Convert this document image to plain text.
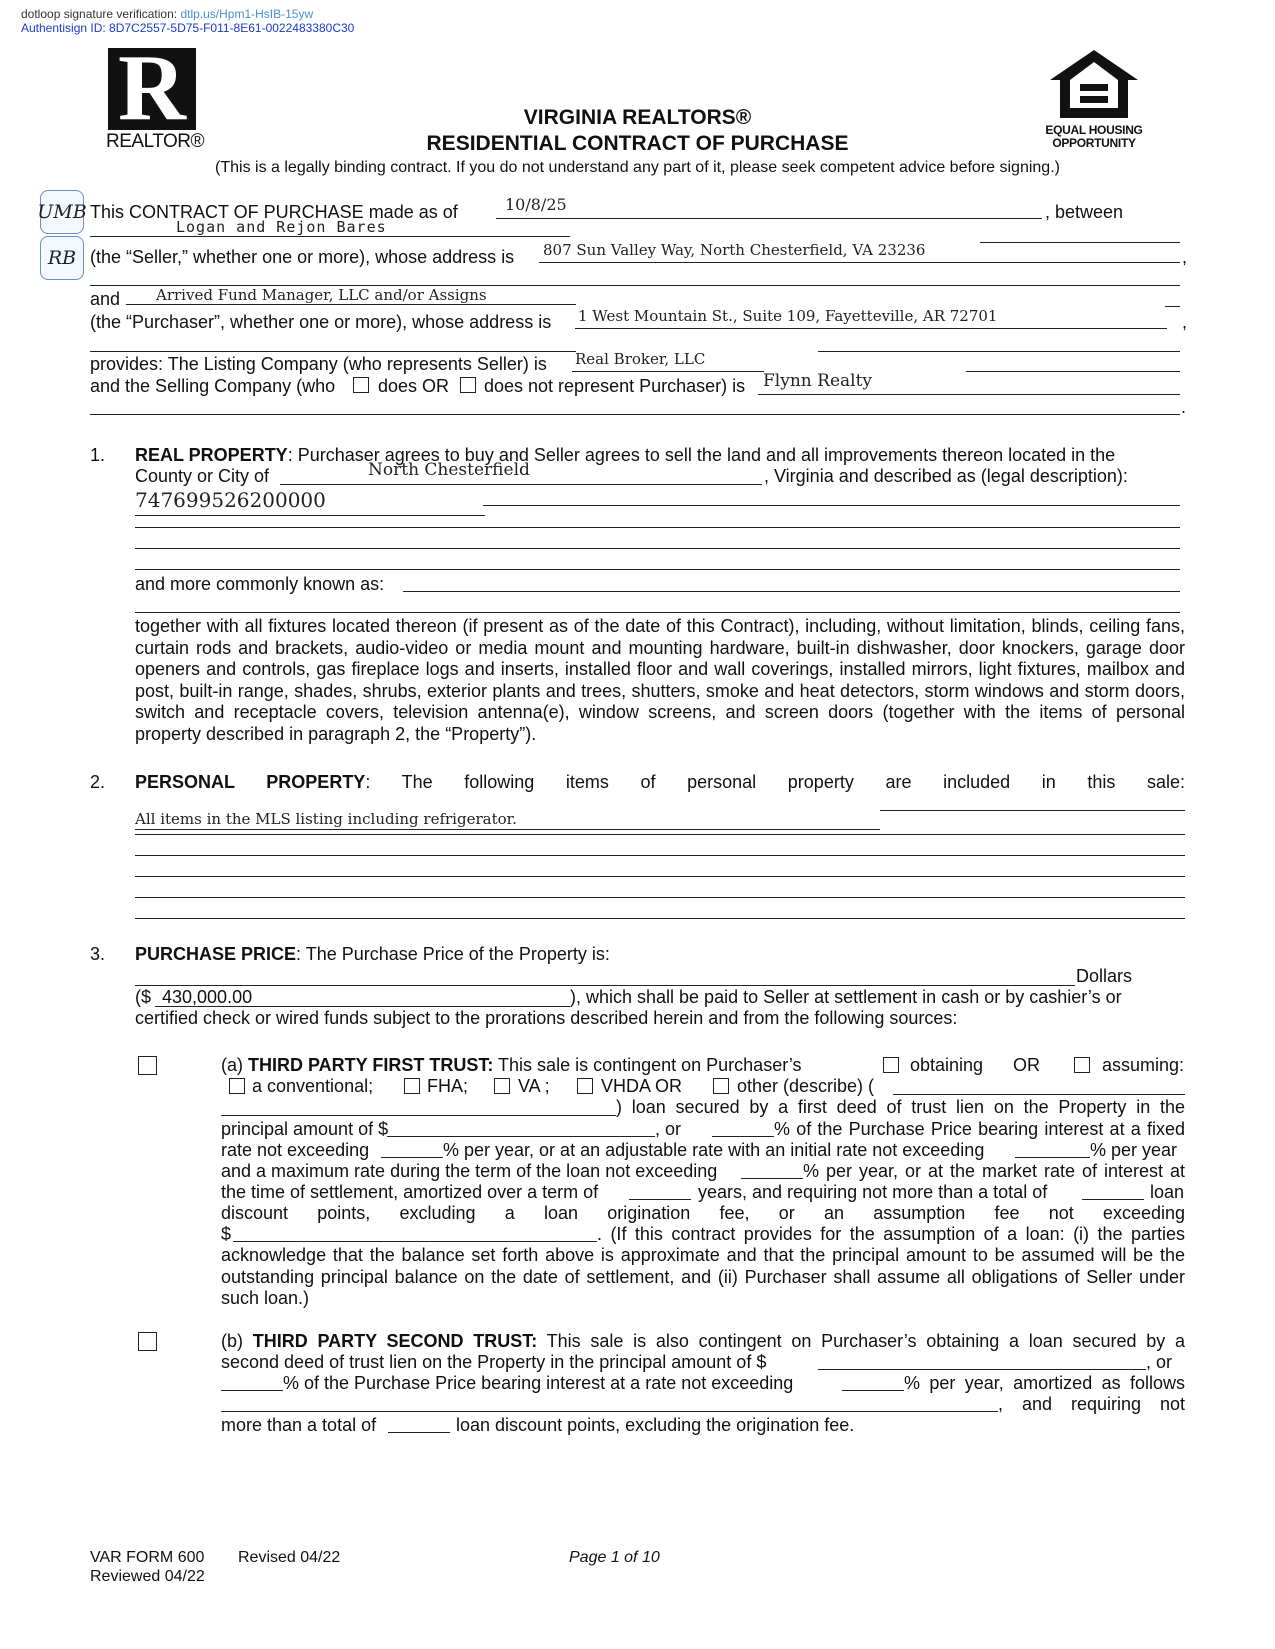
dotloop signature verification: dtlp.us/Hpm1-HsIB-15yw
Authentisign ID: 8D7C2557-5D75-F011-8E61-0022483380C30
R
REALTOR®
EQUAL HOUSING
OPPORTUNITY
VIRGINIA REALTORS®
RESIDENTIAL CONTRACT OF PURCHASE
(This is a legally binding contract. If you do not understand any part of it, please seek competent advice before signing.)
UMB
RB
This CONTRACT OF PURCHASE made as of	10/8/25	, between
Logan and Rejon Bares
(the “Seller,” whether one or more), whose address is 807 Sun Valley Way, North Chesterfield, VA 23236	,
and Arrived Fund Manager, LLC and/or Assigns
(the “Purchaser”, whether one or more), whose address is 1 West Mountain St., Suite 109, Fayetteville, AR 72701	,
provides: The Listing Company (who represents Seller) is Real Broker, LLC
and the Selling Company (who does OR does not represent Purchaser) is Flynn Realty
.
1. REAL PROPERTY: Purchaser agrees to buy and Seller agrees to sell the land and all improvements thereon located in the
County or City of	North Chesterfield	, Virginia and described as (legal description):
747699526200000
and more commonly known as:
together with all fixtures located thereon (if present as of the date of this Contract), including, without limitation, blinds, ceiling fans, curtain rods and brackets, audio-video or media mount and mounting hardware, built-in dishwasher, door knockers, garage door openers and controls, gas fireplace logs and inserts, installed floor and wall coverings, installed mirrors, light fixtures, mailbox and post, built-in range, shades, shrubs, exterior plants and trees, shutters, smoke and heat detectors, storm windows and storm doors, switch and receptacle covers, television antenna(e), window screens, and screen doors (together with the items of personal property described in paragraph 2, the “Property”).
2. PERSONAL PROPERTY: The following items of personal property are included in this sale:
All items in the MLS listing including refrigerator.
3. PURCHASE PRICE: The Purchase Price of the Property is:
Dollars
($ 430,000.00	), which shall be paid to Seller at settlement in cash or by cashier’s or
certified check or wired funds subject to the prorations described herein and from the following sources:
(a) THIRD PARTY FIRST TRUST: This sale is contingent on Purchaser’s	obtaining OR	assuming:
a conventional;	FHA;	VA ;	VHDA OR	other (describe) (
) loan secured by a first deed of trust lien on the Property in the
principal amount of $	, or	% of the Purchase Price bearing interest at a fixed
rate not exceeding	% per year, or at an adjustable rate with an initial rate not exceeding	% per year
and a maximum rate during the term of the loan not exceeding	% per year, or at the market rate of interest at
the time of settlement, amortized over a term of	years, and requiring not more than a total of	loan
discount points, excluding a loan origination fee, or an assumption fee not exceeding
$	. (If this contract provides for the assumption of a loan: (i) the parties
acknowledge that the balance set forth above is approximate and that the principal amount to be assumed will be the outstanding principal balance on the date of settlement, and (ii) Purchaser shall assume all obligations of Seller under such loan.)
(b) THIRD PARTY SECOND TRUST: This sale is also contingent on Purchaser’s obtaining a loan secured by a
second deed of trust lien on the Property in the principal amount of $	, or
% of the Purchase Price bearing interest at a rate not exceeding	% per year, amortized as follows
, and requiring not
more than a total of	loan discount points, excluding the origination fee.
VAR FORM 600 Revised 04/22
Reviewed 04/22
Page 1 of 10
